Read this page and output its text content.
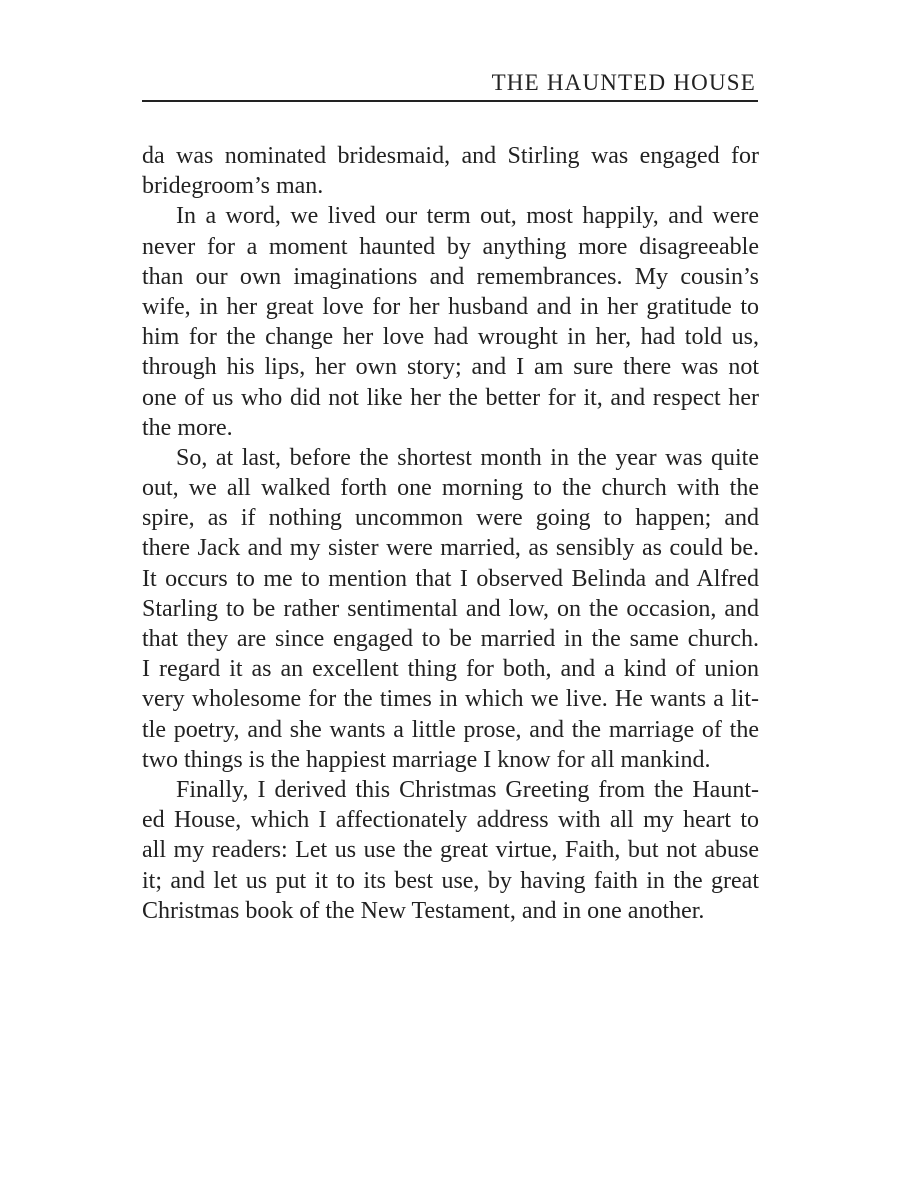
THE HAUNTED HOUSE
da was nominated bridesmaid, and Stirling was engaged for
bridegroom’s man.
In a word, we lived our term out, most happily, and were
never for a moment haunted by anything more disagreeable
than our own imaginations and remembrances. My cousin’s
wife, in her great love for her husband and in her gratitude to
him for the change her love had wrought in her, had told us,
through his lips, her own story; and I am sure there was not
one of us who did not like her the better for it, and respect her
the more.
So, at last, before the shortest month in the year was quite
out, we all walked forth one morning to the church with the
spire, as if nothing uncommon were going to happen; and
there Jack and my sister were married, as sensibly as could be.
It occurs to me to mention that I observed Belinda and Alfred
Starling to be rather sentimental and low, on the occasion, and
that they are since engaged to be married in the same church.
I regard it as an excellent thing for both, and a kind of union
very wholesome for the times in which we live. He wants a lit-
tle poetry, and she wants a little prose, and the marriage of the
two things is the happiest marriage I know for all mankind.
Finally, I derived this Christmas Greeting from the Haunt-
ed House, which I affectionately address with all my heart to
all my readers: Let us use the great virtue, Faith, but not abuse
it; and let us put it to its best use, by having faith in the great
Christmas book of the New Testament, and in one another.
